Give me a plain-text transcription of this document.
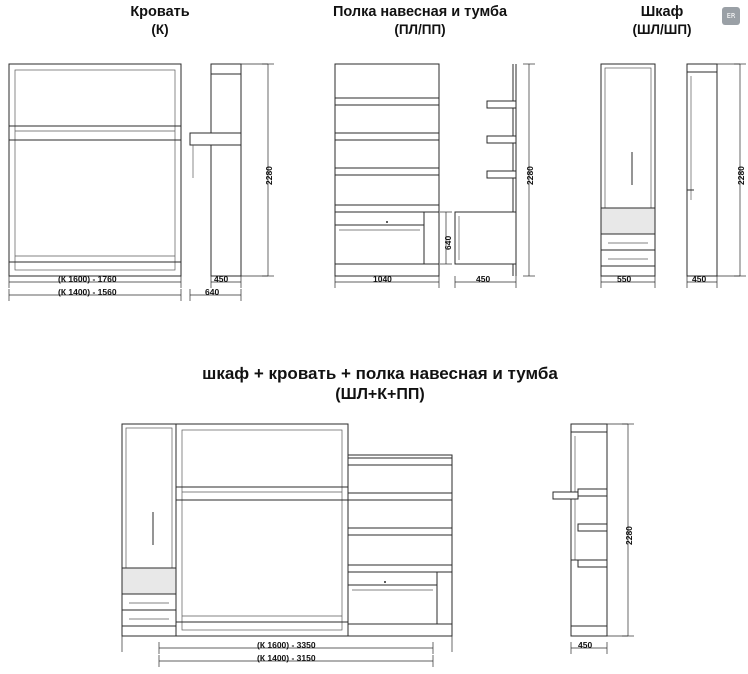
Кровать
(К)
Полка навесная и тумба
(ПЛ/ПП)
Шкаф
(ШЛ/ШП)
шкаф + кровать + полка навесная и тумба
(ШЛ+К+ПП)
ER
(К 1600) - 1760
(К 1400) - 1560
450
640
2280
1040	450
2280
640
550	450
2280
(К 1600) - 3350
(К 1400) - 3150
450
2280
